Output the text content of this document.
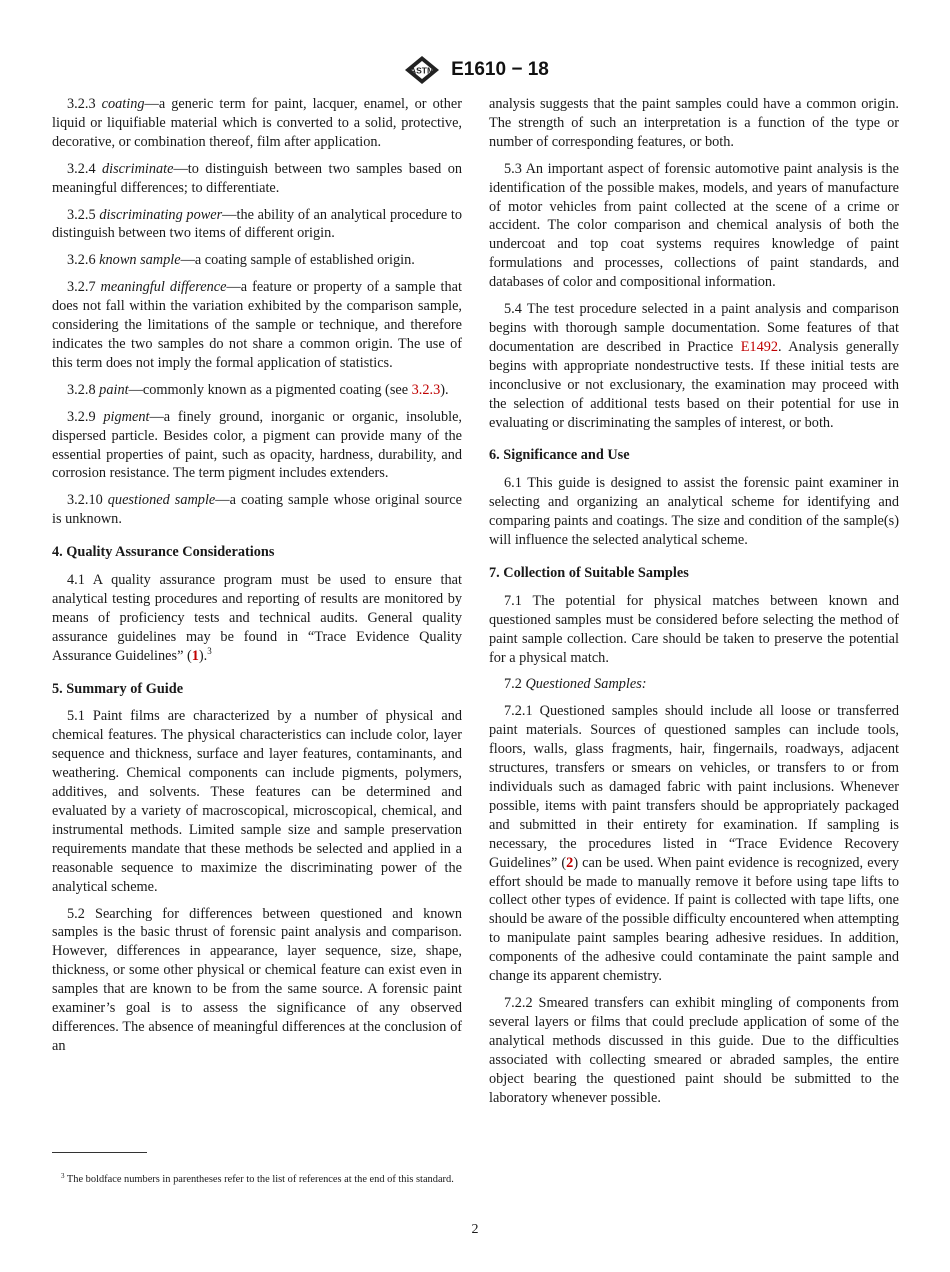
ASTM E1610 − 18

3.2.3 coating—a generic term for paint, lacquer, enamel, or other liquid or liquifiable material which is converted to a solid, protective, decorative, or combination thereof, film after application.

3.2.4 discriminate—to distinguish between two samples based on meaningful differences; to differentiate.

3.2.5 discriminating power—the ability of an analytical procedure to distinguish between two items of different origin.

3.2.6 known sample—a coating sample of established origin.

3.2.7 meaningful difference—a feature or property of a sample that does not fall within the variation exhibited by the comparison sample, considering the limitations of the sample or technique, and therefore indicates the two samples do not share a common origin. The use of this term does not imply the formal application of statistics.

3.2.8 paint—commonly known as a pigmented coating (see 3.2.3).

3.2.9 pigment—a finely ground, inorganic or organic, insoluble, dispersed particle. Besides color, a pigment can provide many of the essential properties of paint, such as opacity, hardness, durability, and corrosion resistance. The term pigment includes extenders.

3.2.10 questioned sample—a coating sample whose original source is unknown.

4. Quality Assurance Considerations

4.1 A quality assurance program must be used to ensure that analytical testing procedures and reporting of results are monitored by means of proficiency tests and technical audits. General quality assurance guidelines may be found in “Trace Evidence Quality Assurance Guidelines” (1).$^3$

5. Summary of Guide

5.1 Paint films are characterized by a number of physical and chemical features. The physical characteristics can include color, layer sequence and thickness, surface and layer features, contaminants, and weathering. Chemical components can include pigments, polymers, additives, and solvents. These features can be determined and evaluated by a variety of macroscopical, microscopical, chemical, and instrumental methods. Limited sample size and sample preservation requirements mandate that these methods be selected and applied in a reasonable sequence to maximize the discriminating power of the analytical scheme.

5.2 Searching for differences between questioned and known samples is the basic thrust of forensic paint analysis and comparison. However, differences in appearance, layer sequence, size, shape, thickness, or some other physical or chemical feature can exist even in samples that are known to be from the same source. A forensic paint examiner’s goal is to assess the significance of any observed differences. The absence of meaningful differences at the conclusion of an

analysis suggests that the paint samples could have a common origin. The strength of such an interpretation is a function of the type or number of corresponding features, or both.

5.3 An important aspect of forensic automotive paint analysis is the identification of the possible makes, models, and years of manufacture of motor vehicles from paint collected at the scene of a crime or accident. The color comparison and chemical analysis of both the undercoat and top coat systems requires knowledge of paint formulations and processes, collections of paint standards, and databases of color and compositional information.

5.4 The test procedure selected in a paint analysis and comparison begins with thorough sample documentation. Some features of that documentation are described in Practice E1492. Analysis generally begins with appropriate nondestructive tests. If these initial tests are inconclusive or not exclusionary, the examination may proceed with the selection of additional tests based on their potential for use in evaluating or discriminating the samples of interest, or both.

6. Significance and Use

6.1 This guide is designed to assist the forensic paint examiner in selecting and organizing an analytical scheme for identifying and comparing paints and coatings. The size and condition of the sample(s) will influence the selected analytical scheme.

7. Collection of Suitable Samples

7.1 The potential for physical matches between known and questioned samples must be considered before selecting the method of paint sample collection. Care should be taken to preserve the potential for a physical match.

7.2 Questioned Samples:

7.2.1 Questioned samples should include all loose or transferred paint materials. Sources of questioned samples can include tools, floors, walls, glass fragments, hair, fingernails, roadways, adjacent structures, transfers or smears on vehicles, or transfers to or from individuals such as damaged fabric with paint inclusions. Whenever possible, items with paint transfers should be appropriately packaged and submitted in their entirety for examination. If sampling is necessary, the procedures listed in “Trace Evidence Recovery Guidelines” (2) can be used. When paint evidence is recognized, every effort should be made to manually remove it before using tape lifts to collect other types of evidence. If paint is collected with tape lifts, one should be aware of the possible difficulty encountered when attempting to manipulate paint samples bearing adhesive residues. In addition, components of the adhesive could contaminate the paint sample and change its apparent chemistry.

7.2.2 Smeared transfers can exhibit mingling of components from several layers or films that could preclude application of some of the analytical methods discussed in this guide. Due to the difficulties associated with collecting smeared or abraded samples, the entire object bearing the questioned paint should be submitted to the laboratory whenever possible.

$^3$ The boldface numbers in parentheses refer to the list of references at the end of this standard.

2
